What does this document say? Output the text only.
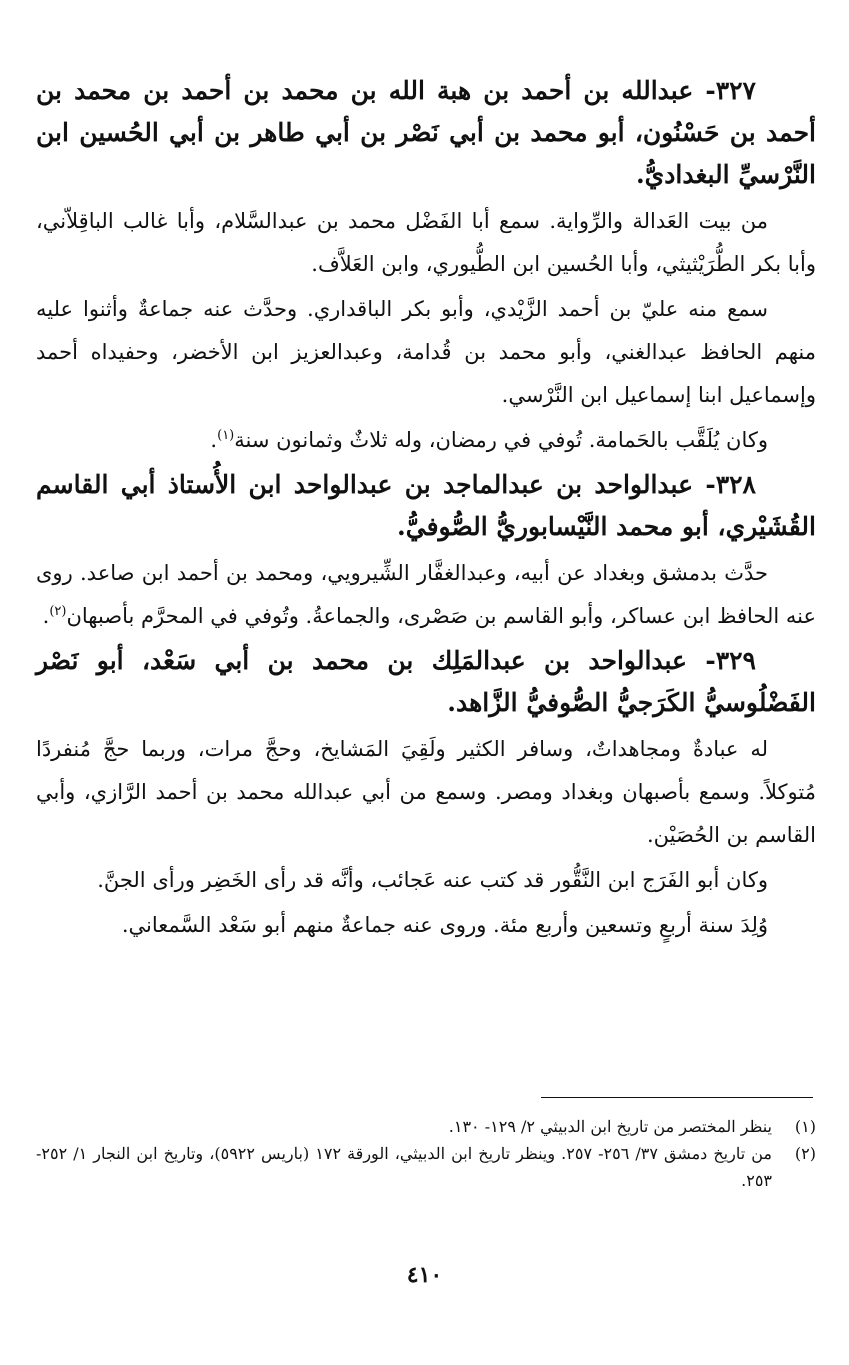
٣٢٧- عبدالله بن أحمد بن هبة الله بن محمد بن أحمد بن محمد بن أحمد بن حَسْنُون، أبو محمد بن أبي نَصْر بن أبي طاهر بن أبي الحُسين ابن النَّرْسيِّ البغداديُّ.

من بيت العَدالة والرِّواية. سمع أبا الفَضْل محمد بن عبدالسَّلام، وأبا غالب الباقِلاّني، وأبا بكر الطُّرَيْثيثي، وأبا الحُسين ابن الطُّيوري، وابن العَلاَّف.

سمع منه عليّ بن أحمد الزَّيْدي، وأبو بكر الباقداري. وحدَّث عنه جماعةٌ وأثنوا عليه منهم الحافظ عبدالغني، وأبو محمد بن قُدامة، وعبدالعزيز ابن الأخضر، وحفيداه أحمد وإسماعيل ابنا إسماعيل ابن النَّرْسي.

وكان يُلَقَّب بالحَمامة. تُوفي في رمضان، وله ثلاثٌ وثمانون سنة$^{(١)}$.

٣٢٨- عبدالواحد بن عبدالماجد بن عبدالواحد ابن الأُستاذ أبي القاسم القُشَيْري، أبو محمد النَّيْسابوريُّ الصُّوفيُّ.

حدَّث بدمشق وبغداد عن أبيه، وعبدالغفَّار الشِّيرويي، ومحمد بن أحمد ابن صاعد. روى عنه الحافظ ابن عساكر، وأبو القاسم بن صَصْرى، والجماعةُ. وتُوفي في المحرَّم بأصبهان$^{(٢)}$.

٣٢٩- عبدالواحد بن عبدالمَلِك بن محمد بن أبي سَعْد، أبو نَصْر الفَضْلُوسيُّ الكَرَجيُّ الصُّوفيُّ الزَّاهد.

له عبادةٌ ومجاهداتٌ، وسافر الكثير ولَقِيَ المَشايخ، وحجَّ مرات، وربما حجَّ مُنفردًا مُتوكلاً. وسمع بأصبهان وبغداد ومصر. وسمع من أبي عبدالله محمد بن أحمد الرَّازي، وأبي القاسم بن الحُصَيْن.

وكان أبو الفَرَج ابن النَّقُّور قد كتب عنه عَجائب، وأنَّه قد رأى الخَضِر ورأى الجنَّ.

وُلِدَ سنة أربعٍ وتسعين وأربع مئة. وروى عنه جماعةٌ منهم أبو سَعْد السَّمعاني.

(١)
ينظر المختصر من تاريخ ابن الدبيثي ٢/ ١٢٩- ١٣٠.
(٢)
من تاريخ دمشق ٣٧/ ٢٥٦- ٢٥٧. وينظر تاريخ ابن الدبيثي، الورقة ١٧٢ (باريس ٥٩٢٢)، وتاريخ ابن النجار ١/ ٢٥٢- ٢٥٣.
٤١٠
